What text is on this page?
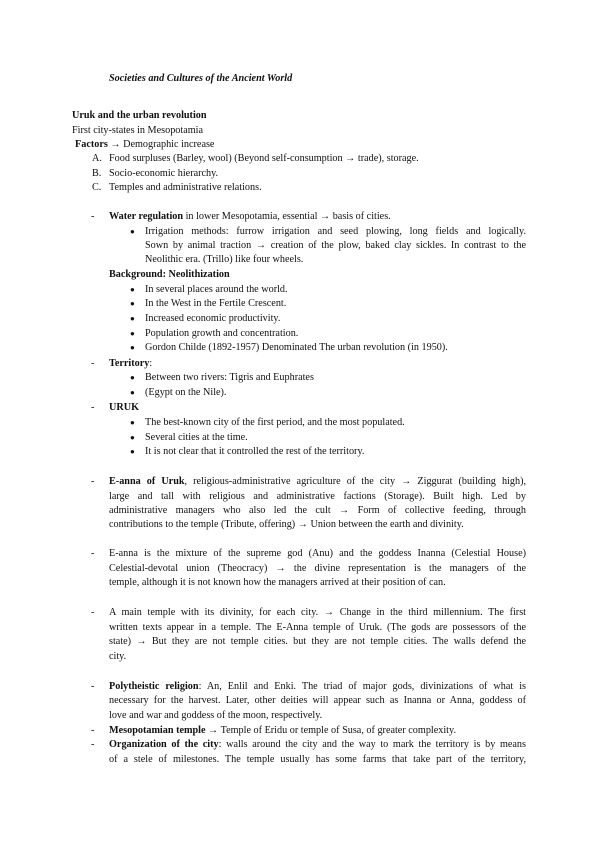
Societies and Cultures of the Ancient World
Uruk and the urban revolution
First city-states in Mesopotamia
Factors → Demographic increase
A. Food surpluses (Barley, wool) (Beyond self-consumption → trade), storage.
B. Socio-economic hierarchy.
C. Temples and administrative relations.
- Water regulation in lower Mesopotamia, essential → basis of cities.
● Irrigation methods: furrow irrigation and seed plowing, long fields and logically.
Sown by animal traction → creation of the plow, baked clay sickles. In contrast to the
Neolithic era. (Trillo) like four wheels.
Background: Neolithization
● In several places around the world.
● In the West in the Fertile Crescent.
● Increased economic productivity.
● Population growth and concentration.
● Gordon Childe (1892-1957) Denominated The urban revolution (in 1950).
- Territory:
● Between two rivers: Tigris and Euphrates
● (Egypt on the Nile).
- URUK
● The best-known city of the first period, and the most populated.
● Several cities at the time.
● It is not clear that it controlled the rest of the territory.
- E-anna of Uruk, religious-administrative agriculture of the city → Ziggurat (building high),
large and tall with religious and administrative factions (Storage). Built high. Led by
administrative managers who also led the cult → Form of collective feeding, through
contributions to the temple (Tribute, offering) → Union between the earth and divinity.
- E-anna is the mixture of the supreme god (Anu) and the goddess Inanna (Celestial House)
Celestial-devotal union (Theocracy) → the divine representation is the managers of the
temple, although it is not known how the managers arrived at their position of can.
- A main temple with its divinity, for each city. → Change in the third millennium. The first
written texts appear in a temple. The E-Anna temple of Uruk. (The gods are possessors of the
state) → But they are not temple cities. but they are not temple cities. The walls defend the
city.
- Polytheistic religion: An, Enlil and Enki. The triad of major gods, divinizations of what is
necessary for the harvest. Later, other deities will appear such as Inanna or Anna, goddess of
love and war and goddess of the moon, respectively.
- Mesopotamian temple → Temple of Eridu or temple of Susa, of greater complexity.
- Organization of the city: walls around the city and the way to mark the territory is by means
of a stele of milestones. The temple usually has some farms that take part of the territory,
